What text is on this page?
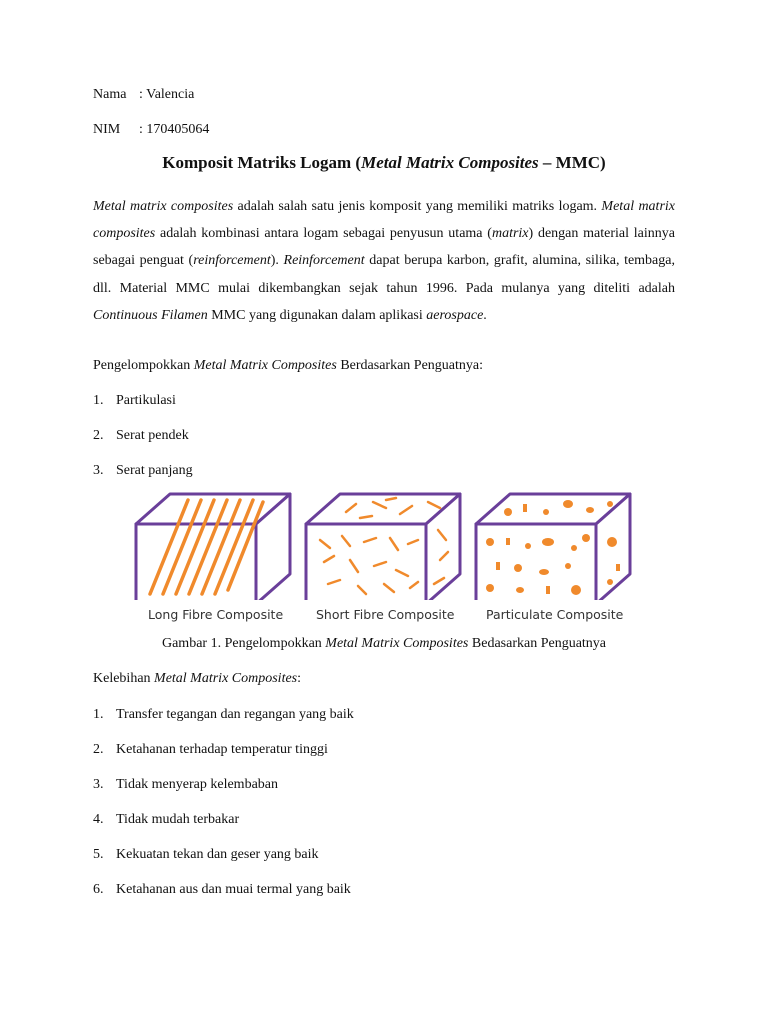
Nama : Valencia
NIM : 170405064
Komposit Matriks Logam (Metal Matrix Composites – MMC)
Metal matrix composites adalah salah satu jenis komposit yang memiliki matriks logam. Metal matrix composites adalah kombinasi antara logam sebagai penyusun utama (matrix) dengan material lainnya sebagai penguat (reinforcement). Reinforcement dapat berupa karbon, grafit, alumina, silika, tembaga, dll. Material MMC mulai dikembangkan sejak tahun 1996. Pada mulanya yang diteliti adalah Continuous Filamen MMC yang digunakan dalam aplikasi aerospace.
Pengelompokkan Metal Matrix Composites Berdasarkan Penguatnya:
1. Partikulasi
2. Serat pendek
3. Serat panjang
Long Fibre Composite	Short Fibre Composite	Particulate Composite
Gambar 1. Pengelompokkan Metal Matrix Composites Bedasarkan Penguatnya
Kelebihan Metal Matrix Composites:
1. Transfer tegangan dan regangan yang baik
2. Ketahanan terhadap temperatur tinggi
3. Tidak menyerap kelembaban
4. Tidak mudah terbakar
5. Kekuatan tekan dan geser yang baik
6. Ketahanan aus dan muai termal yang baik
